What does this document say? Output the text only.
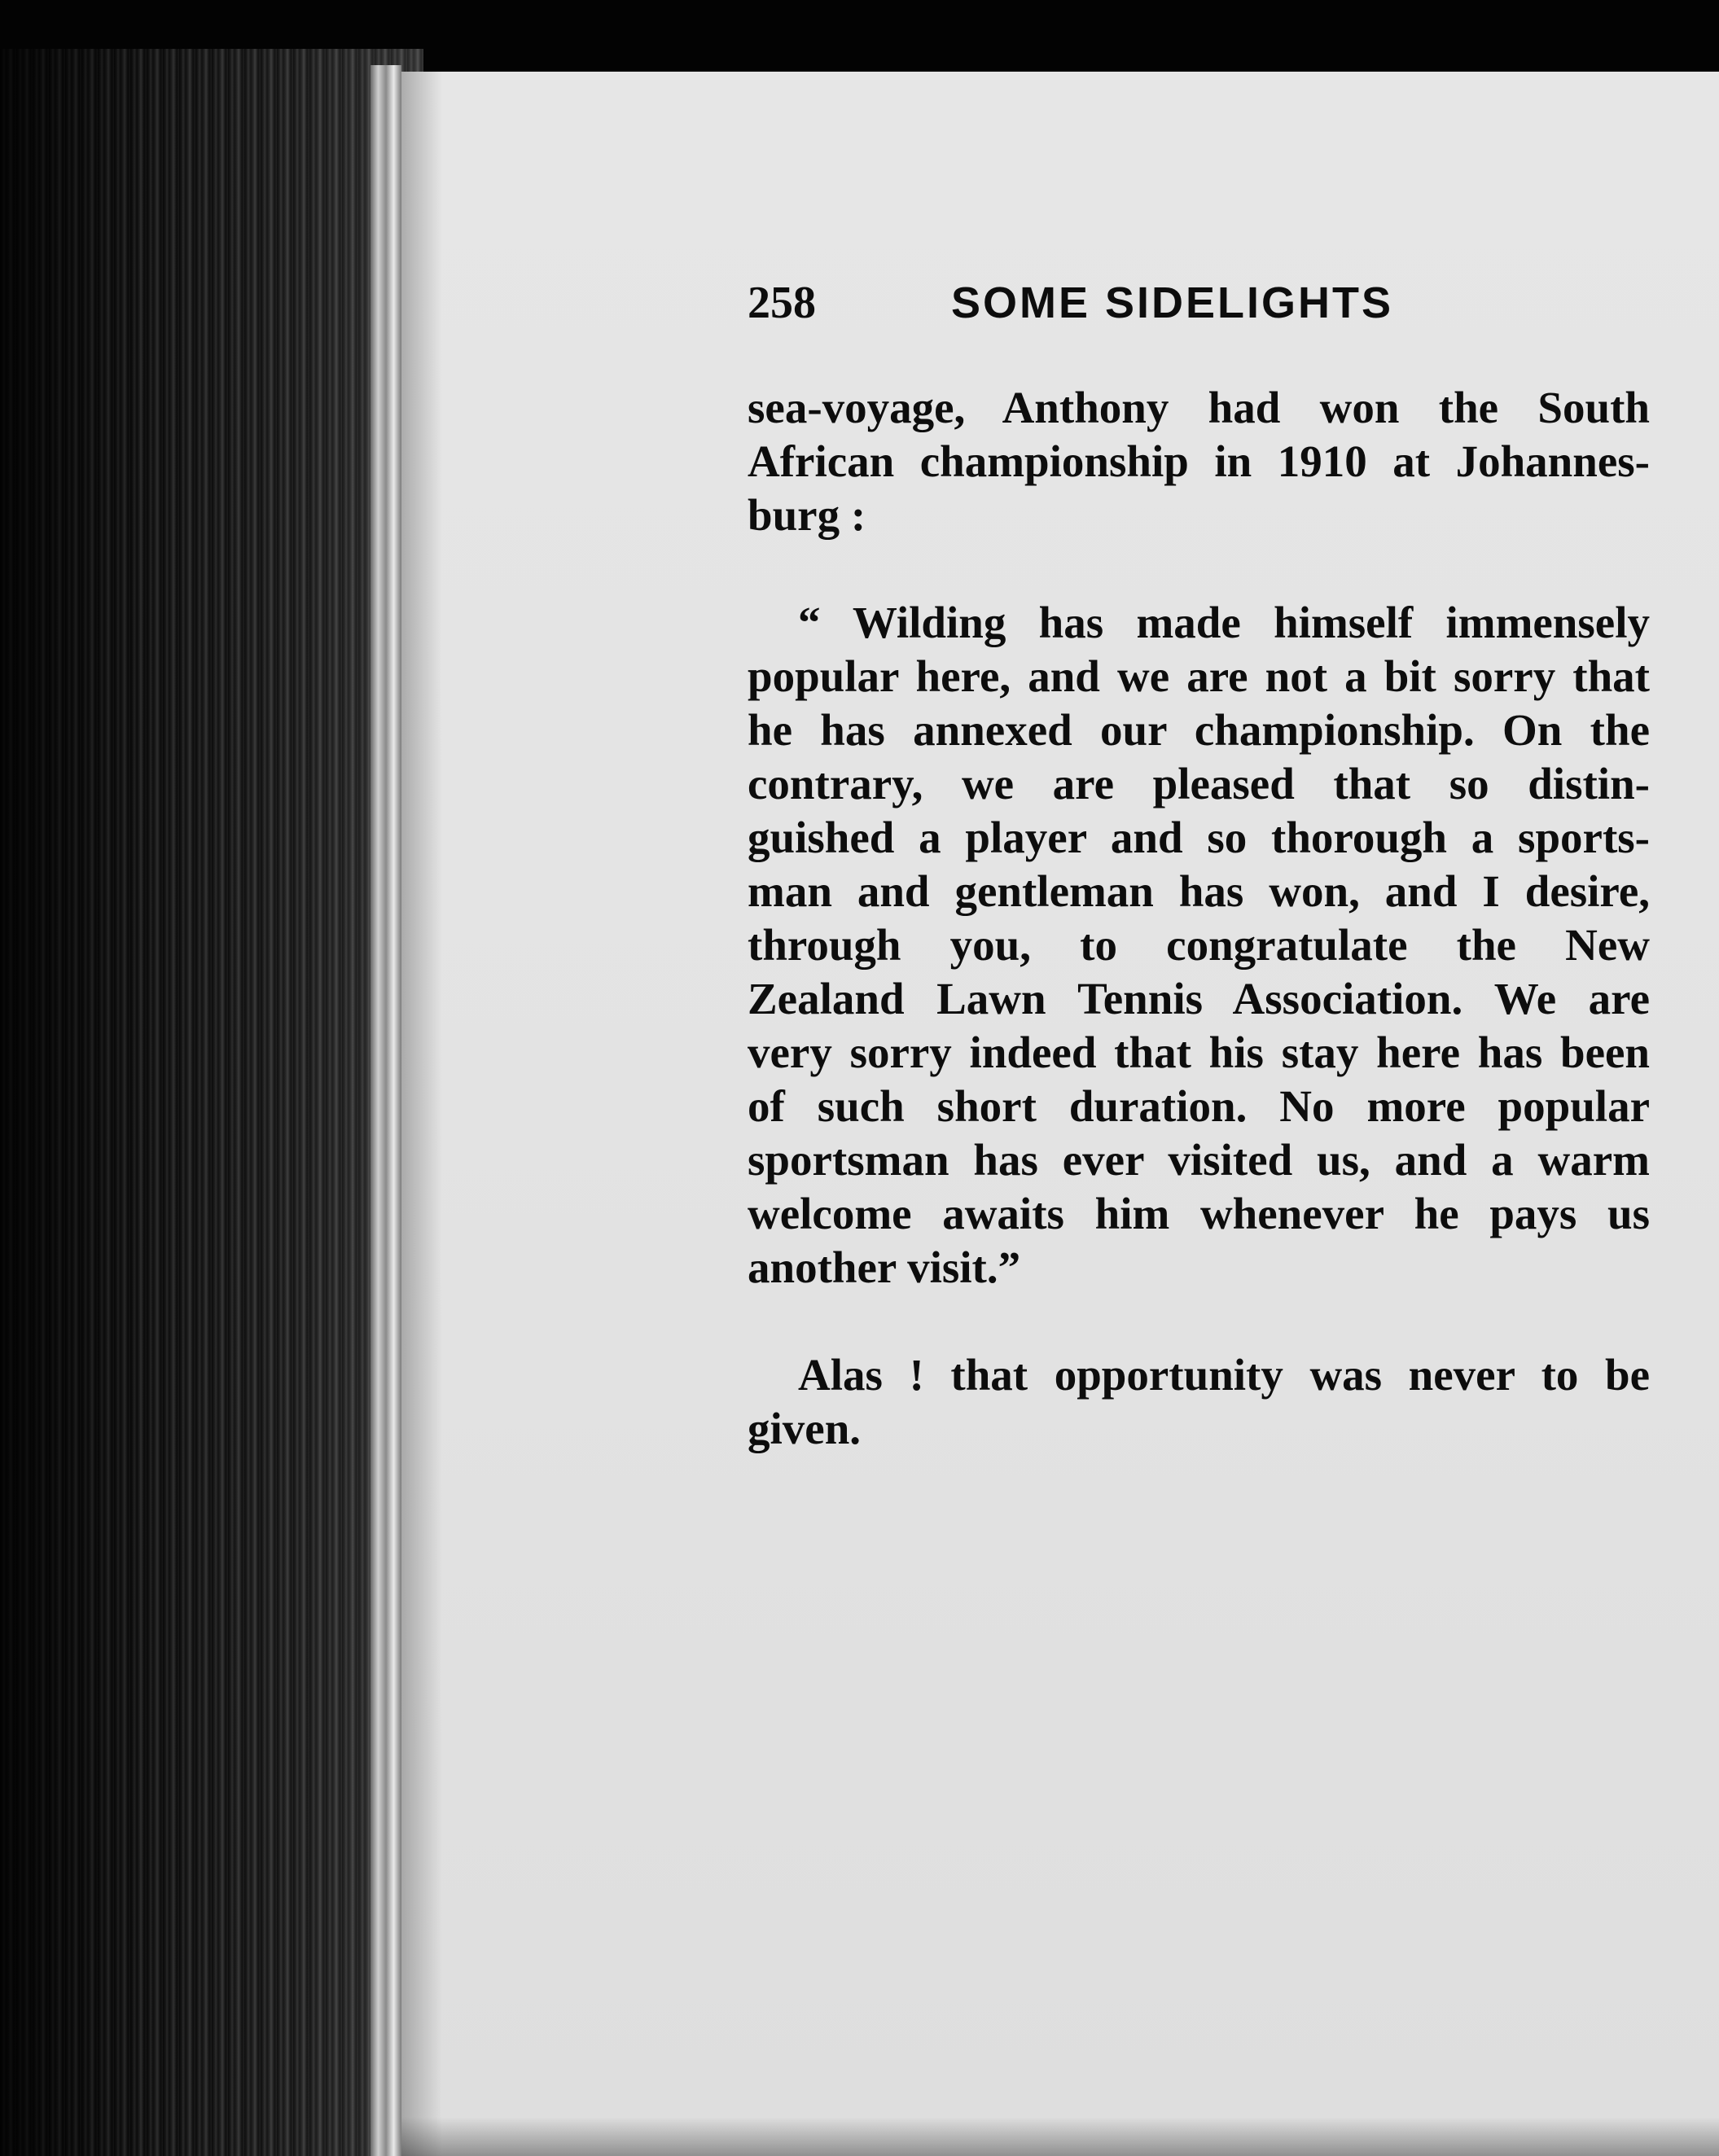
258	SOME SIDELIGHTS
sea-voyage, Anthony had won the South
African championship in 1910 at Johannes-
burg :
“ Wilding has made himself immensely
popular here, and we are not a bit sorry that
he has annexed our championship. On the
contrary, we are pleased that so distin-
guished a player and so thorough a sports-
man and gentleman has won, and I desire,
through you, to congratulate the New
Zealand Lawn Tennis Association. We are
very sorry indeed that his stay here has been
of such short duration. No more popular
sportsman has ever visited us, and a warm
welcome awaits him whenever he pays us
another visit.”
Alas ! that opportunity was never to be
given.
